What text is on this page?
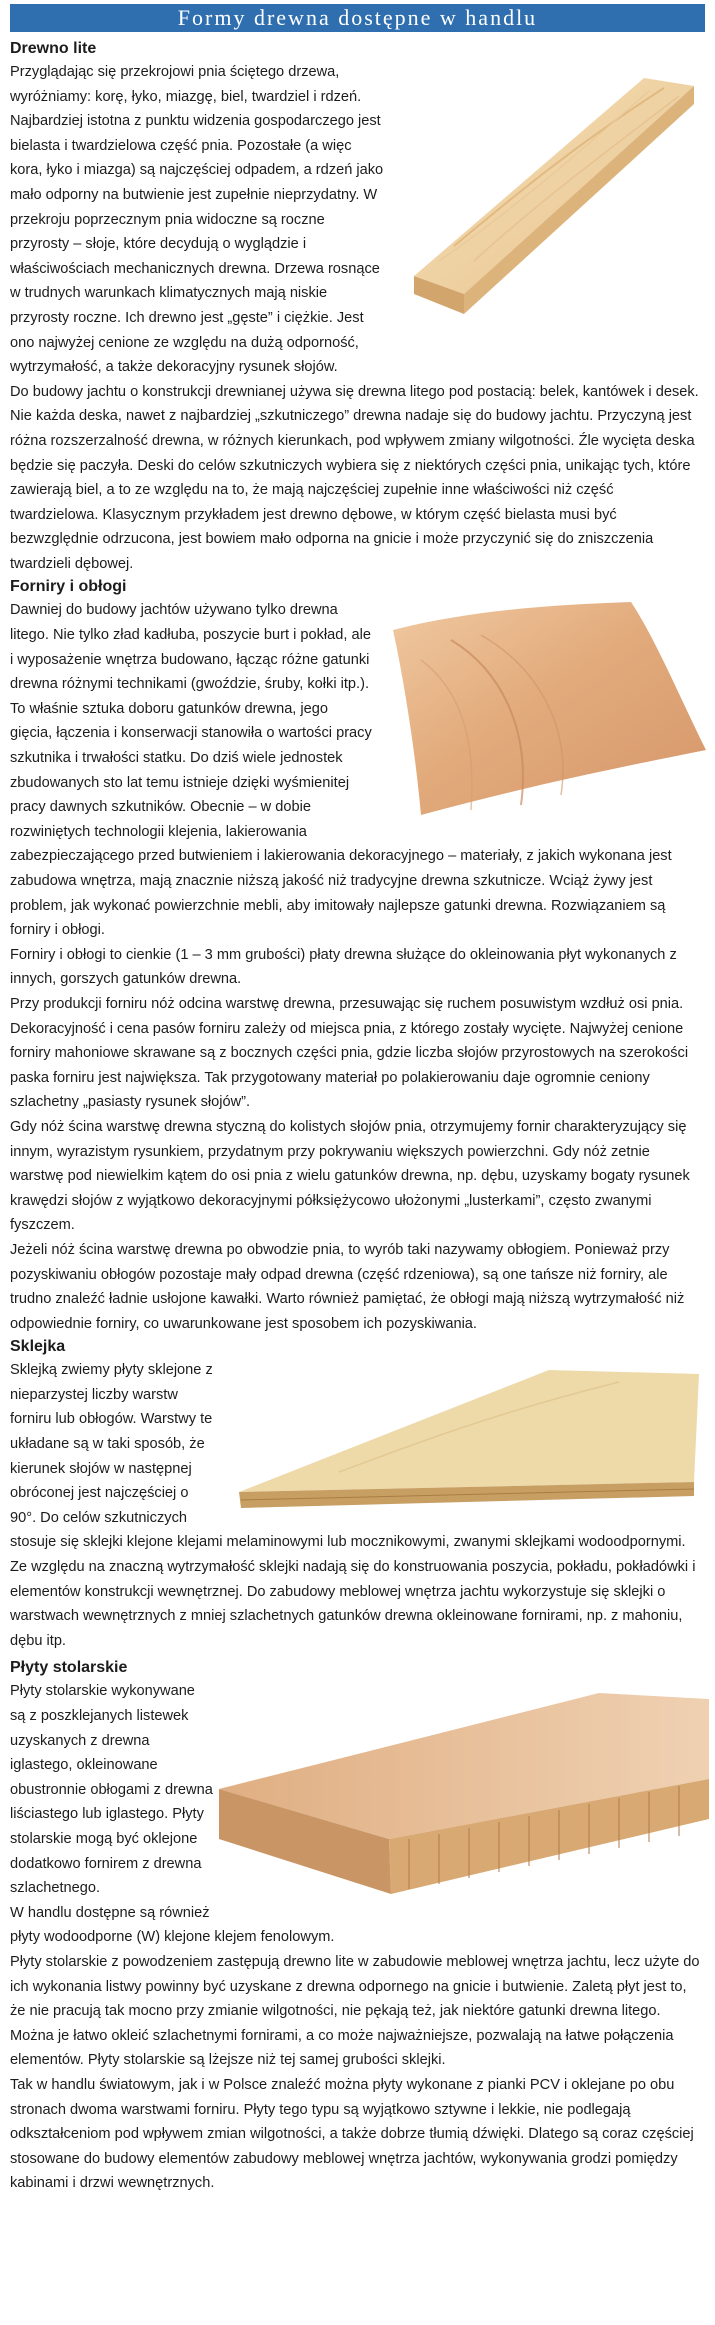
Formy drewna dostępne w handlu
Drewno lite

Przyglądając się przekrojowi pnia ściętego drzewa, wyróżniamy: korę, łyko, miazgę, biel, twardziel i rdzeń. Najbardziej istotna z punktu widzenia gospodarczego jest bielasta i twardzielowa część pnia. Pozostałe (a więc kora, łyko i miazga) są najczęściej odpadem, a rdzeń jako mało odporny na butwienie jest zupełnie nieprzydatny. W przekroju poprzecznym pnia widoczne są roczne przyrosty – słoje, które decydują o wyglądzie i właściwościach mechanicznych drewna. Drzewa rosnące w trudnych warunkach klimatycznych mają niskie przyrosty roczne. Ich drewno jest „gęste” i ciężkie. Jest ono najwyżej cenione ze względu na dużą odporność, wytrzymałość, a także dekoracyjny rysunek słojów.

Do budowy jachtu o konstrukcji drewnianej używa się drewna litego pod postacią: belek, kantówek i desek. Nie każda deska, nawet z najbardziej „szkutniczego” drewna nadaje się do budowy jachtu. Przyczyną jest różna rozszerzalność drewna, w różnych kierunkach, pod wpływem zmiany wilgotności. Źle wycięta deska będzie się paczyła. Deski do celów szkutniczych wybiera się z niektórych części pnia, unikając tych, które zawierają biel, a to ze względu na to, że mają najczęściej zupełnie inne właściwości niż część twardzielowa. Klasycznym przykładem jest drewno dębowe, w którym część bielasta musi być bezwzględnie odrzucona, jest bowiem mało odporna na gnicie i może przyczynić się do zniszczenia twardzieli dębowej.

Forniry i obłogi

Dawniej do budowy jachtów używano tylko drewna litego. Nie tylko zład kadłuba, poszycie burt i pokład, ale i wyposażenie wnętrza budowano, łącząc różne gatunki drewna różnymi technikami (gwoździe, śruby, kołki itp.). To właśnie sztuka doboru gatunków drewna, jego gięcia, łączenia i konserwacji stanowiła o wartości pracy szkutnika i trwałości statku. Do dziś wiele jednostek zbudowanych sto lat temu istnieje dzięki wyśmienitej pracy dawnych szkutników. Obecnie – w dobie rozwiniętych technologii klejenia, lakierowania zabezpieczającego przed butwieniem i lakierowania dekoracyjnego – materiały, z jakich wykonana jest zabudowa wnętrza, mają znacznie niższą jakość niż tradycyjne drewna szkutnicze. Wciąż żywy jest problem, jak wykonać powierzchnie mebli, aby imitowały najlepsze gatunki drewna. Rozwiązaniem są forniry i obłogi.

Forniry i obłogi to cienkie (1 – 3 mm grubości) płaty drewna służące do okleinowania płyt wykonanych z innych, gorszych gatunków drewna.

Przy produkcji forniru nóż odcina warstwę drewna, przesuwając się ruchem posuwistym wzdłuż osi pnia. Dekoracyjność i cena pasów forniru zależy od miejsca pnia, z którego zostały wycięte. Najwyżej cenione forniry mahoniowe skrawane są z bocznych części pnia, gdzie liczba słojów przyrostowych na szerokości paska forniru jest największa. Tak przygotowany materiał po polakierowaniu daje ogromnie ceniony szlachetny „pasiasty rysunek słojów”.

Gdy nóż ścina warstwę drewna styczną do kolistych słojów pnia, otrzymujemy fornir charakteryzujący się innym, wyrazistym rysunkiem, przydatnym przy pokrywaniu większych powierzchni. Gdy nóż zetnie warstwę pod niewielkim kątem do osi pnia z wielu gatunków drewna, np. dębu, uzyskamy bogaty rysunek krawędzi słojów z wyjątkowo dekoracyjnymi półksiężycowo ułożonymi „lusterkami”, często zwanymi fyszczem.

Jeżeli nóż ścina warstwę drewna po obwodzie pnia, to wyrób taki nazywamy obłogiem. Ponieważ przy pozyskiwaniu obłogów pozostaje mały odpad drewna (część rdzeniowa), są one tańsze niż forniry, ale trudno znaleźć ładnie usłojone kawałki. Warto również pamiętać, że obłogi mają niższą wytrzymałość niż odpowiednie forniry, co uwarunkowane jest sposobem ich pozyskiwania.

Sklejka

Sklejką zwiemy płyty sklejone z nieparzystej liczby warstw forniru lub obłogów. Warstwy te układane są w taki sposób, że kierunek słojów w następnej obróconej jest najczęściej o 90°. Do celów szkutniczych stosuje się sklejki klejone klejami melaminowymi lub mocznikowymi, zwanymi sklejkami wodoodpornymi. Ze względu na znaczną wytrzymałość sklejki nadają się do konstruowania poszycia, pokładu, pokładówki i elementów konstrukcji wewnętrznej. Do zabudowy meblowej wnętrza jachtu wykorzystuje się sklejki o warstwach wewnętrznych z mniej szlachetnych gatunków drewna okleinowane fornirami, np. z mahoniu, dębu itp.

Płyty stolarskie

Płyty stolarskie wykonywane są z poszklejanych listewek uzyskanych z drewna iglastego, okleinowane obustronnie obłogami z drewna liściastego lub iglastego. Płyty stolarskie mogą być oklejone dodatkowo fornirem z drewna szlachetnego.

W handlu dostępne są również płyty wodoodporne (W) klejone klejem fenolowym.

Płyty stolarskie z powodzeniem zastępują drewno lite w zabudowie meblowej wnętrza jachtu, lecz użyte do ich wykonania listwy powinny być uzyskane z drewna odpornego na gnicie i butwienie. Zaletą płyt jest to, że nie pracują tak mocno przy zmianie wilgotności, nie pękają też, jak niektóre gatunki drewna litego. Można je łatwo okleić szlachetnymi fornirami, a co może najważniejsze, pozwalają na łatwe połączenia elementów. Płyty stolarskie są lżejsze niż tej samej grubości sklejki.

Tak w handlu światowym, jak i w Polsce znaleźć można płyty wykonane z pianki PCV i oklejane po obu stronach dwoma warstwami forniru. Płyty tego typu są wyjątkowo sztywne i lekkie, nie podlegają odkształceniom pod wpływem zmian wilgotności, a także dobrze tłumią dźwięki. Dlatego są coraz częściej stosowane do budowy elementów zabudowy meblowej wnętrza jachtów, wykonywania grodzi pomiędzy kabinami i drzwi wewnętrznych.
